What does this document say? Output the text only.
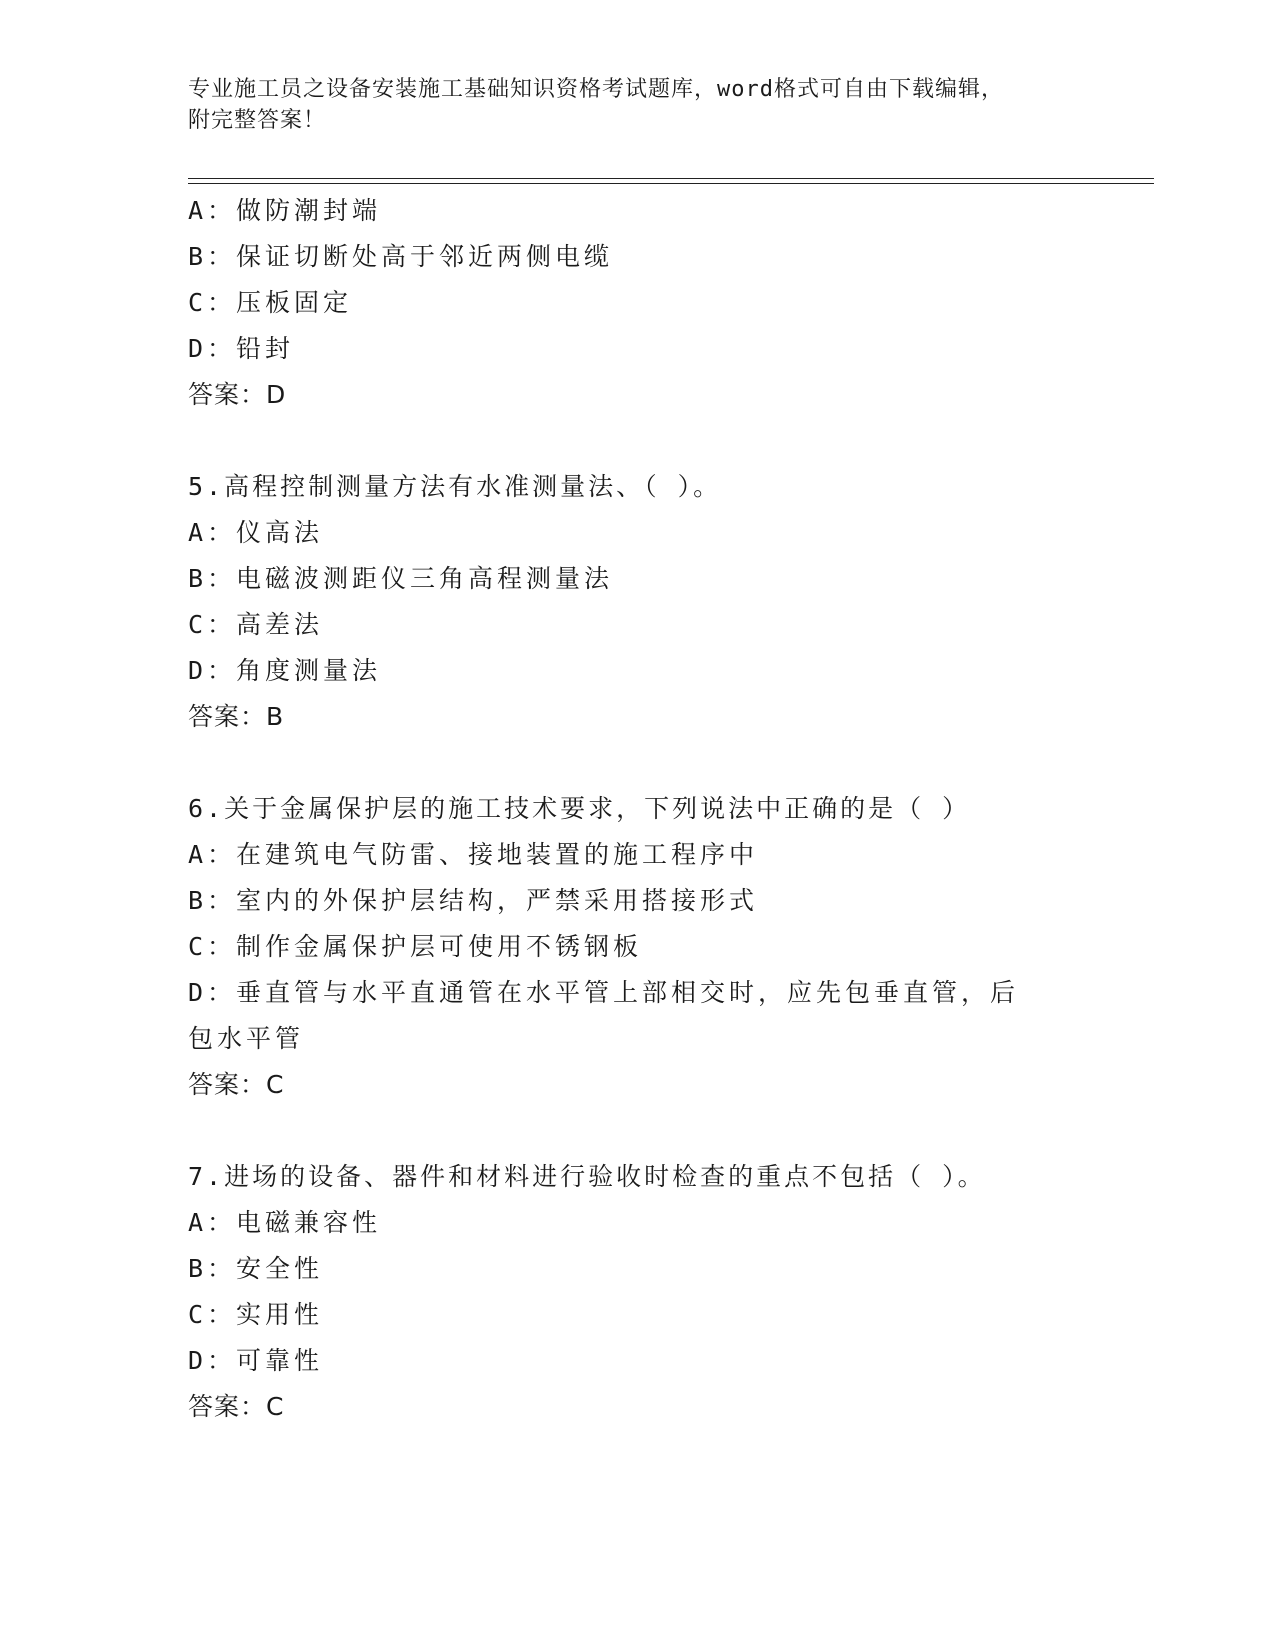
专业施工员之设备安装施工基础知识资格考试题库，word格式可自由下载编辑，
附完整答案！
A：做防潮封端
B：保证切断处高于邻近两侧电缆
C：压板固定
D：铅封
答案：D
5.高程控制测量方法有水准测量法、（ ）。
A：仪高法
B：电磁波测距仪三角高程测量法
C：高差法
D：角度测量法
答案：B
6.关于金属保护层的施工技术要求，下列说法中正确的是（ ）
A：在建筑电气防雷、接地装置的施工程序中
B：室内的外保护层结构，严禁采用搭接形式
C：制作金属保护层可使用不锈钢板
D：垂直管与水平直通管在水平管上部相交时，应先包垂直管，后包水平管
答案：C
7.进场的设备、器件和材料进行验收时检查的重点不包括（ ）。
A：电磁兼容性
B：安全性
C：实用性
D：可靠性
答案：C
